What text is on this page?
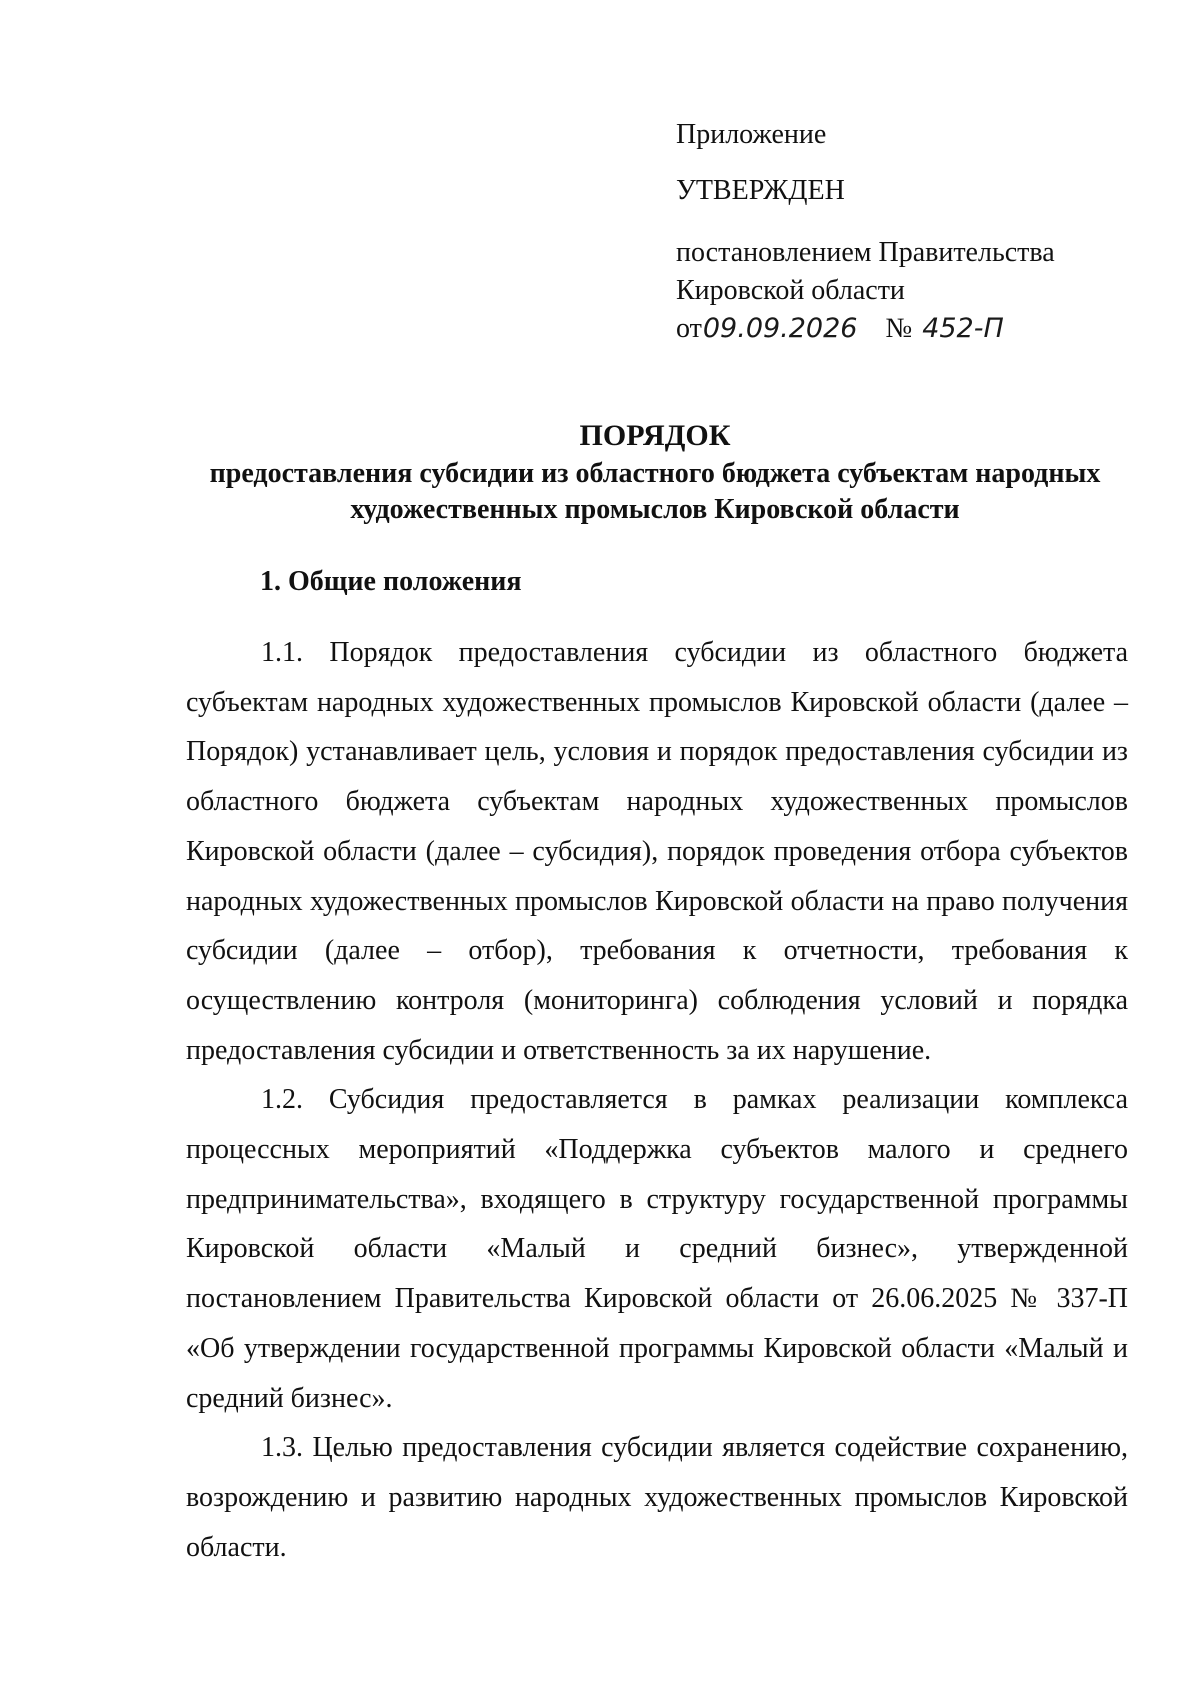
Приложение
УТВЕРЖДЕН
постановлением Правительства
Кировской области
от 09.09.2026 № 452-П
ПОРЯДОК
предоставления субсидии из областного бюджета субъектам народных
художественных промыслов Кировской области
1. Общие положения

1.1. Порядок предоставления субсидии из областного бюджета субъектам народных художественных промыслов Кировской области (далее – Порядок) устанавливает цель, условия и порядок предоставления субсидии из областного бюджета субъектам народных художественных промыслов Кировской области (далее – субсидия), порядок проведения отбора субъектов народных художественных промыслов Кировской области на право получения субсидии (далее – отбор), требования к отчетности, требования к осуществлению контроля (мониторинга) соблюдения условий и порядка предоставления субсидии и ответственность за их нарушение.

1.2. Субсидия предоставляется в рамках реализации комплекса процессных мероприятий «Поддержка субъектов малого и среднего предпринимательства», входящего в структуру государственной программы Кировской области «Малый и средний бизнес», утвержденной постановлением Правительства Кировской области от 26.06.2025 № 337-П «Об утверждении государственной программы Кировской области «Малый и средний бизнес».

1.3. Целью предоставления субсидии является содействие сохранению, возрождению и развитию народных художественных промыслов Кировской области.
